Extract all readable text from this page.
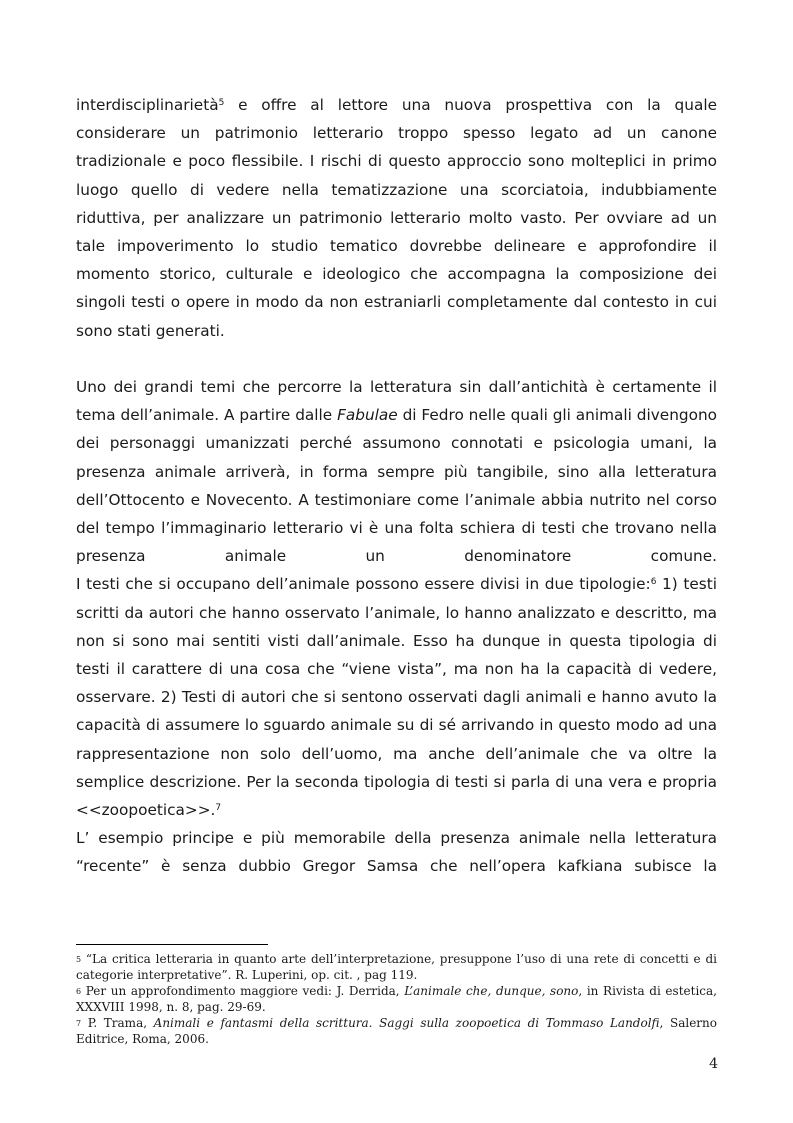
interdisciplinarietà$^5$ e offre al lettore una nuova prospettiva con la quale considerare un patrimonio letterario troppo spesso legato ad un canone tradizionale e poco flessibile. I rischi di questo approccio sono molteplici in primo luogo quello di vedere nella tematizzazione una scorciatoia, indubbiamente riduttiva, per analizzare un patrimonio letterario molto vasto. Per ovviare ad un tale impoverimento lo studio tematico dovrebbe delineare e approfondire il momento storico, culturale e ideologico che accompagna la composizione dei singoli testi o opere in modo da non estraniarli completamente dal contesto in cui sono stati generati.

Uno dei grandi temi che percorre la letteratura sin dall’antichità è certamente il tema dell’animale. A partire dalle Fabulae di Fedro nelle quali gli animali divengono dei personaggi umanizzati perché assumono connotati e psicologia umani, la presenza animale arriverà, in forma sempre più tangibile, sino alla letteratura dell’Ottocento e Novecento. A testimoniare come l’animale abbia nutrito nel corso del tempo l’immaginario letterario vi è una folta schiera di testi che trovano nella presenza animale un denominatore comune.
I testi che si occupano dell’animale possono essere divisi in due tipologie:$^6$ 1) testi scritti da autori che hanno osservato l’animale, lo hanno analizzato e descritto, ma non si sono mai sentiti visti dall’animale. Esso ha dunque in questa tipologia di testi il carattere di una cosa che “viene vista”, ma non ha la capacità di vedere, osservare. 2) Testi di autori che si sentono osservati dagli animali e hanno avuto la capacità di assumere lo sguardo animale su di sé arrivando in questo modo ad una rappresentazione non solo dell’uomo, ma anche dell’animale che va oltre la semplice descrizione. Per la seconda tipologia di testi si parla di una vera e propria <<zoopoetica>>.$^7$
L’ esempio principe e più memorabile della presenza animale nella letteratura “recente” è senza dubbio Gregor Samsa che nell’opera kafkiana subisce la

$^5$ “La critica letteraria in quanto arte dell’interpretazione, presuppone l’uso di una rete di concetti e di categorie interpretative”. R. Luperini, op. cit. , pag 119.

$^6$ Per un approfondimento maggiore vedi: J. Derrida, L’animale che, dunque, sono, in Rivista di estetica, XXXVIII 1998, n. 8, pag. 29-69.

$^7$ P. Trama, Animali e fantasmi della scrittura. Saggi sulla zoopoetica di Tommaso Landolfi, Salerno Editrice, Roma, 2006.

4
